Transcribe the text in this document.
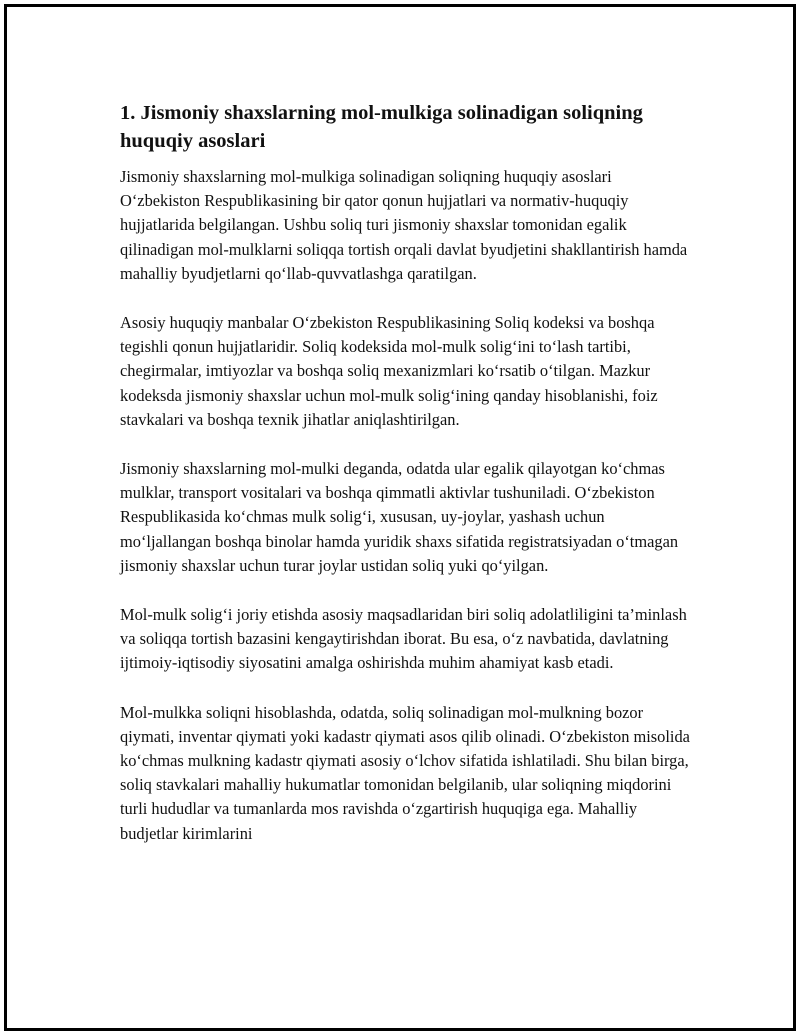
1. Jismoniy shaxslarning mol-mulkiga solinadigan soliqning huquqiy asoslari

Jismoniy shaxslarning mol-mulkiga solinadigan soliqning huquqiy asoslari O‘zbekiston Respublikasining bir qator qonun hujjatlari va normativ-huquqiy hujjatlarida belgilangan. Ushbu soliq turi jismoniy shaxslar tomonidan egalik qilinadigan mol-mulklarni soliqqa tortish orqali davlat byudjetini shakllantirish hamda mahalliy byudjetlarni qo‘llab-quvvatlashga qaratilgan.

Asosiy huquqiy manbalar O‘zbekiston Respublikasining Soliq kodeksi va boshqa tegishli qonun hujjatlaridir. Soliq kodeksida mol-mulk solig‘ini to‘lash tartibi, chegirmalar, imtiyozlar va boshqa soliq mexanizmlari ko‘rsatib o‘tilgan. Mazkur kodeksda jismoniy shaxslar uchun mol-mulk solig‘ining qanday hisoblanishi, foiz stavkalari va boshqa texnik jihatlar aniqlashtirilgan.

Jismoniy shaxslarning mol-mulki deganda, odatda ular egalik qilayotgan ko‘chmas mulklar, transport vositalari va boshqa qimmatli aktivlar tushuniladi. O‘zbekiston Respublikasida ko‘chmas mulk solig‘i, xususan, uy-joylar, yashash uchun mo‘ljallangan boshqa binolar hamda yuridik shaxs sifatida registratsiyadan o‘tmagan jismoniy shaxslar uchun turar joylar ustidan soliq yuki qo‘yilgan.

Mol-mulk solig‘i joriy etishda asosiy maqsadlaridan biri soliq adolatliligini ta’minlash va soliqqa tortish bazasini kengaytirishdan iborat. Bu esa, o‘z navbatida, davlatning ijtimoiy-iqtisodiy siyosatini amalga oshirishda muhim ahamiyat kasb etadi.

Mol-mulkka soliqni hisoblashda, odatda, soliq solinadigan mol-mulkning bozor qiymati, inventar qiymati yoki kadastr qiymati asos qilib olinadi. O‘zbekiston misolida ko‘chmas mulkning kadastr qiymati asosiy o‘lchov sifatida ishlatiladi. Shu bilan birga, soliq stavkalari mahalliy hukumatlar tomonidan belgilanib, ular soliqning miqdorini turli hududlar va tumanlarda mos ravishda o‘zgartirish huquqiga ega. Mahalliy budjetlar kirimlarini
